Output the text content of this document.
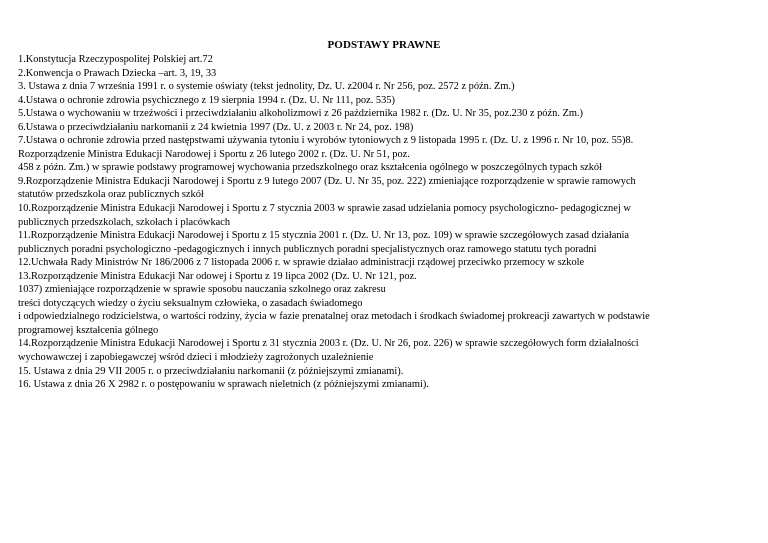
PODSTAWY PRAWNE
1.Konstytucja Rzeczypospolitej Polskiej art.72
2.Konwencja o Prawach Dziecka –art. 3, 19, 33
3. Ustawa z dnia 7 września 1991 r. o systemie oświaty (tekst jednolity, Dz. U. z2004 r. Nr 256, poz. 2572 z późn. Zm.)
4.Ustawa o ochronie zdrowia psychicznego z 19 sierpnia 1994 r. (Dz. U. Nr 111, poz. 535)
5.Ustawa o wychowaniu w trzeźwości i przeciwdziałaniu alkoholizmowi z 26 października 1982 r. (Dz. U. Nr 35, poz.230 z późn. Zm.)
6.Ustawa o przeciwdziałaniu narkomanii z 24 kwietnia 1997 (Dz. U. z 2003 r. Nr 24, poz. 198)
7.Ustawa o ochronie zdrowia przed następstwami używania tytoniu i wyrobów tytoniowych z 9 listopada 1995 r. (Dz. U. z 1996 r. Nr 10, poz. 55)8.
Rozporządzenie Ministra Edukacji Narodowej i Sportu z 26 lutego 2002 r. (Dz. U. Nr 51, poz.
458 z późn. Zm.) w sprawie podstawy programowej wychowania przedszkolnego oraz kształcenia ogólnego w poszczególnych typach szkół
9.Rozporządzenie Ministra Edukacji Narodowej i Sportu z 9 lutego 2007 (Dz. U. Nr 35, poz. 222) zmieniające rozporządzenie w sprawie ramowych
statutów przedszkola oraz publicznych szkół
10.Rozporządzenie Ministra Edukacji Narodowej i Sportu z 7 stycznia 2003 w sprawie zasad udzielania pomocy psychologiczno- pedagogicznej w
publicznych przedszkolach, szkołach i placówkach
11.Rozporządzenie Ministra Edukacji Narodowej i Sportu z 15 stycznia 2001 r. (Dz. U. Nr 13, poz. 109) w sprawie szczegółowych zasad działania
publicznych poradni psychologiczno -pedagogicznych i innych publicznych poradni specjalistycznych oraz ramowego statutu tych poradni
12.Uchwała Rady Ministrów Nr 186/2006 z 7 listopada 2006 r. w sprawie działao administracji rządowej przeciwko przemocy w szkole
13.Rozporządzenie Ministra Edukacji Nar odowej i Sportu z 19 lipca 2002 (Dz. U. Nr 121, poz.
1037) zmieniające rozporządzenie w sprawie sposobu nauczania szkolnego oraz zakresu
treści dotyczących wiedzy o życiu seksualnym człowieka, o zasadach świadomego
i odpowiedzialnego rodzicielstwa, o wartości rodziny, życia w fazie prenatalnej oraz metodach i środkach świadomej prokreacji zawartych w podstawie
programowej kształcenia gólnego
14.Rozporządzenie Ministra Edukacji Narodowej i Sportu z 31 stycznia 2003 r. (Dz. U. Nr 26, poz. 226) w sprawie szczegółowych form działalności
wychowawczej i zapobiegawczej wśród dzieci i młodzieży zagrożonych uzależnienie
15. Ustawa z dnia 29 VII 2005 r. o przeciwdziałaniu narkomanii (z późniejszymi zmianami).
16. Ustawa z dnia 26 X 2982 r. o postępowaniu w sprawach nieletnich (z późniejszymi zmianami).
